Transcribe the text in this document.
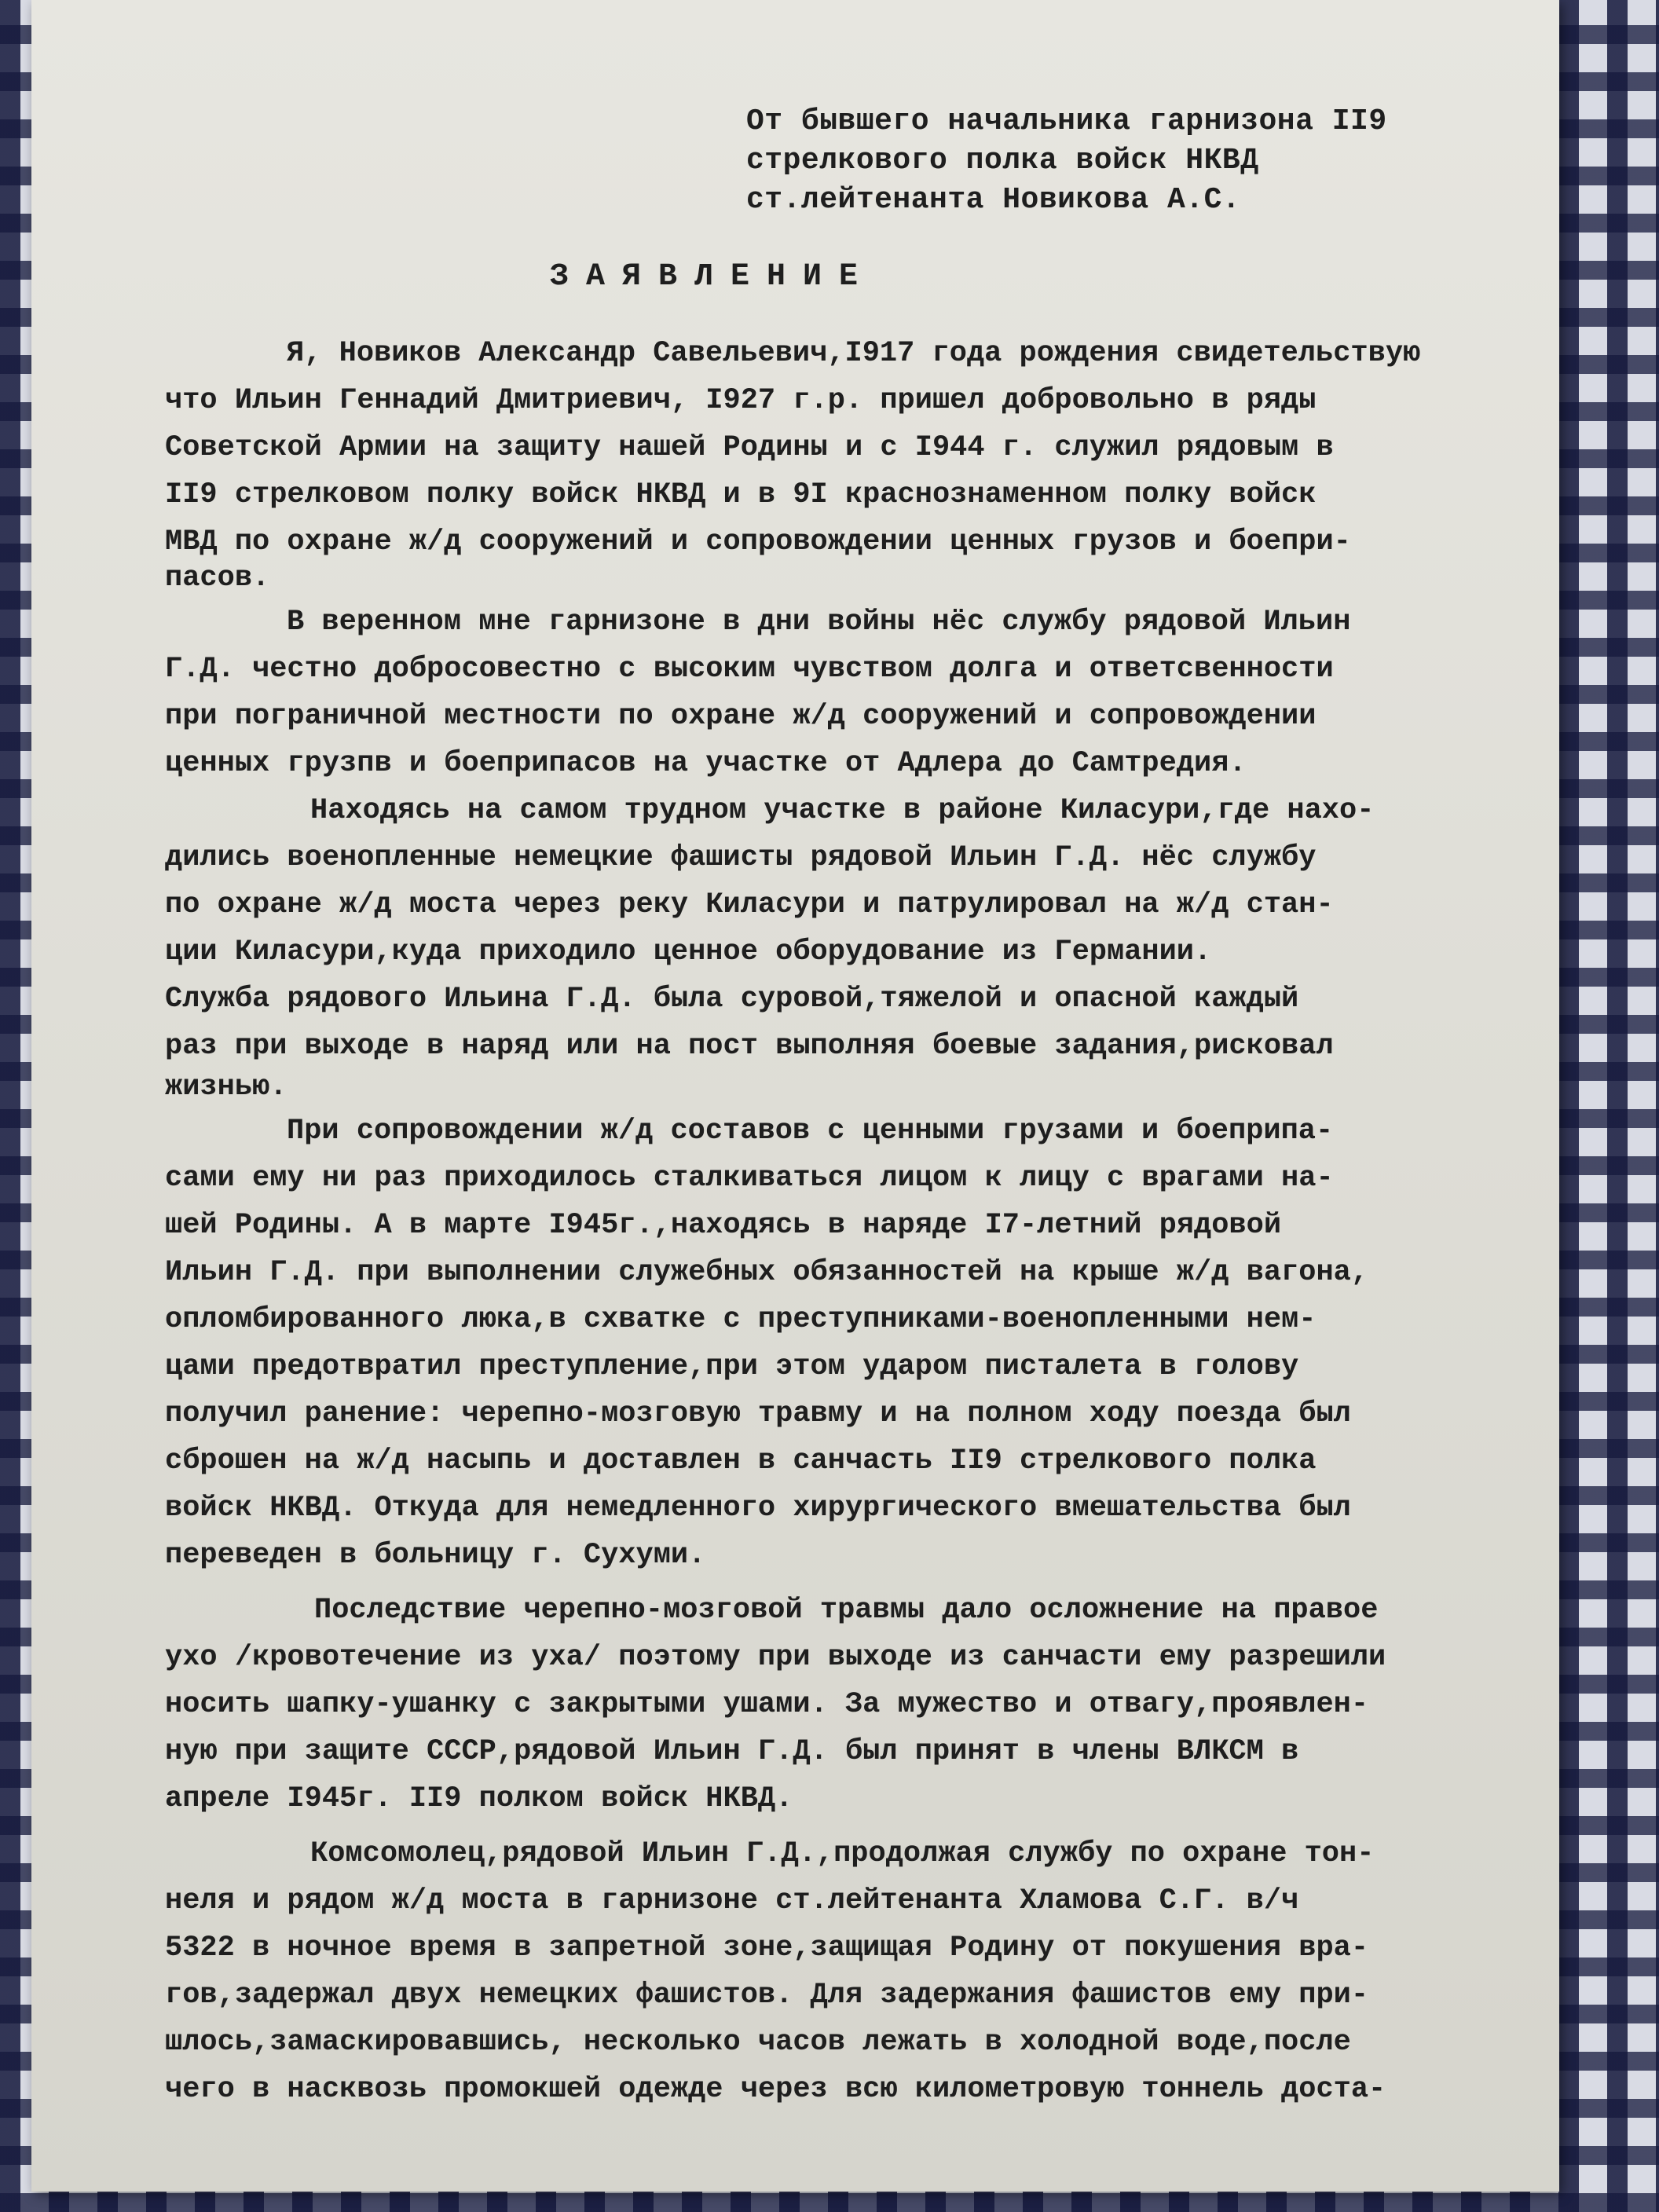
От бывшего начальника гарнизона II9
стрелкового полка войск НКВД
ст.лейтенанта Новикова А.С.
ЗАЯВЛЕНИЕ
Я, Новиков Александр Савельевич,I917 года рождения свидетельствую
что Ильин Геннадий Дмитриевич, I927 г.р. пришел добровольно в ряды
Советской Армии на защиту нашей Родины и с I944 г. служил рядовым в
II9 стрелковом полку войск НКВД и в 9I краснознаменном полку войск
МВД по охране ж/д сооружений и сопровождении ценных грузов и боепри-
пасов.
В веренном мне гарнизоне в дни войны нёс службу рядовой Ильин
Г.Д. честно добросовестно с высоким чувством долга и ответсвенности
при пограничной местности по охране ж/д сооружений и сопровождении
ценных грузпв и боеприпасов на участке от Адлера до Самтредия.
Находясь на самом трудном участке в районе Киласури,где нахо-
дились военопленные немецкие фашисты рядовой Ильин Г.Д. нёс службу
по охране ж/д моста через реку Киласури и патрулировал на ж/д стан-
ции Киласури,куда приходило ценное оборудование из Германии.
Служба рядового Ильина Г.Д. была суровой,тяжелой и опасной каждый
раз при выходе в наряд или на пост выполняя боевые задания,рисковал
жизнью.
При сопровождении ж/д составов с ценными грузами и боеприпа-
сами ему ни раз приходилось сталкиваться лицом к лицу с врагами на-
шей Родины. А в марте I945г.,находясь в наряде I7-летний рядовой
Ильин Г.Д. при выполнении служебных обязанностей на крыше ж/д вагона,
опломбированного люка,в схватке с преступниками-военопленными нем-
цами предотвратил преступление,при этом ударом писталета в голову
получил ранение: черепно-мозговую травму и на полном ходу поезда был
сброшен на ж/д насыпь и доставлен в санчасть II9 стрелкового полка
войск НКВД. Откуда для немедленного хирургического вмешательства был
переведен в больницу г. Сухуми.
Последствие черепно-мозговой травмы дало осложнение на правое
ухо /кровотечение из уха/ поэтому при выходе из санчасти ему разрешили
носить шапку-ушанку с закрытыми ушами. За мужество и отвагу,проявлен-
ную при защите СССР,рядовой Ильин Г.Д. был принят в члены ВЛКСМ в
апреле I945г. II9 полком войск НКВД.
Комсомолец,рядовой Ильин Г.Д.,продолжая службу по охране тон-
неля и рядом ж/д моста в гарнизоне ст.лейтенанта Хламова С.Г. в/ч
5322 в ночное время в запретной зоне,защищая Родину от покушения вра-
гов,задержал двух немецких фашистов. Для задержания фашистов ему при-
шлось,замаскировавшись, несколько часов лежать в холодной воде,после
чего в насквозь промокшей одежде через всю километровую тоннель доста-
